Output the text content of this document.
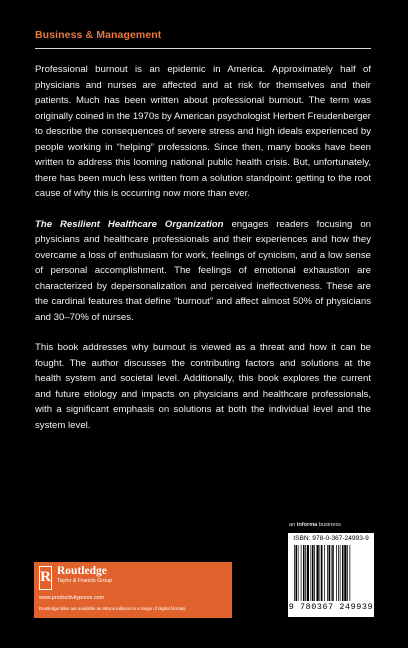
Business & Management

Professional burnout is an epidemic in America. Approximately half of physicians and nurses are affected and at risk for themselves and their patients. Much has been written about professional burnout. The term was originally coined in the 1970s by American psychologist Herbert Freudenberger to describe the consequences of severe stress and high ideals experienced by people working in “helping” professions. Since then, many books have been written to address this looming national public health crisis. But, unfortunately, there has been much less written from a solution standpoint: getting to the root cause of why this is occurring now more than ever.

The Resilient Healthcare Organization engages readers focusing on physicians and healthcare professionals and their experiences and how they overcame a loss of enthusiasm for work, feelings of cynicism, and a low sense of personal accomplishment. The feelings of emotional exhaustion are characterized by depersonalization and perceived ineffectiveness. These are the cardinal features that define “burnout” and affect almost 50% of physicians and 30–70% of nurses.

This book addresses why burnout is viewed as a threat and how it can be fought. The author discusses the contributing factors and solutions at the health system and societal level. Additionally, this book explores the current and future etiology and impacts on physicians and healthcare professionals, with a significant emphasis on solutions at both the individual level and the system level.

an informa business
R Routledge
Taylor & Francis Group
www.productivitypress.com
Routledge titles are available as eBook editions in a range of digital formats
ISBN: 978-0-367-24993-9
9 780367 249939
